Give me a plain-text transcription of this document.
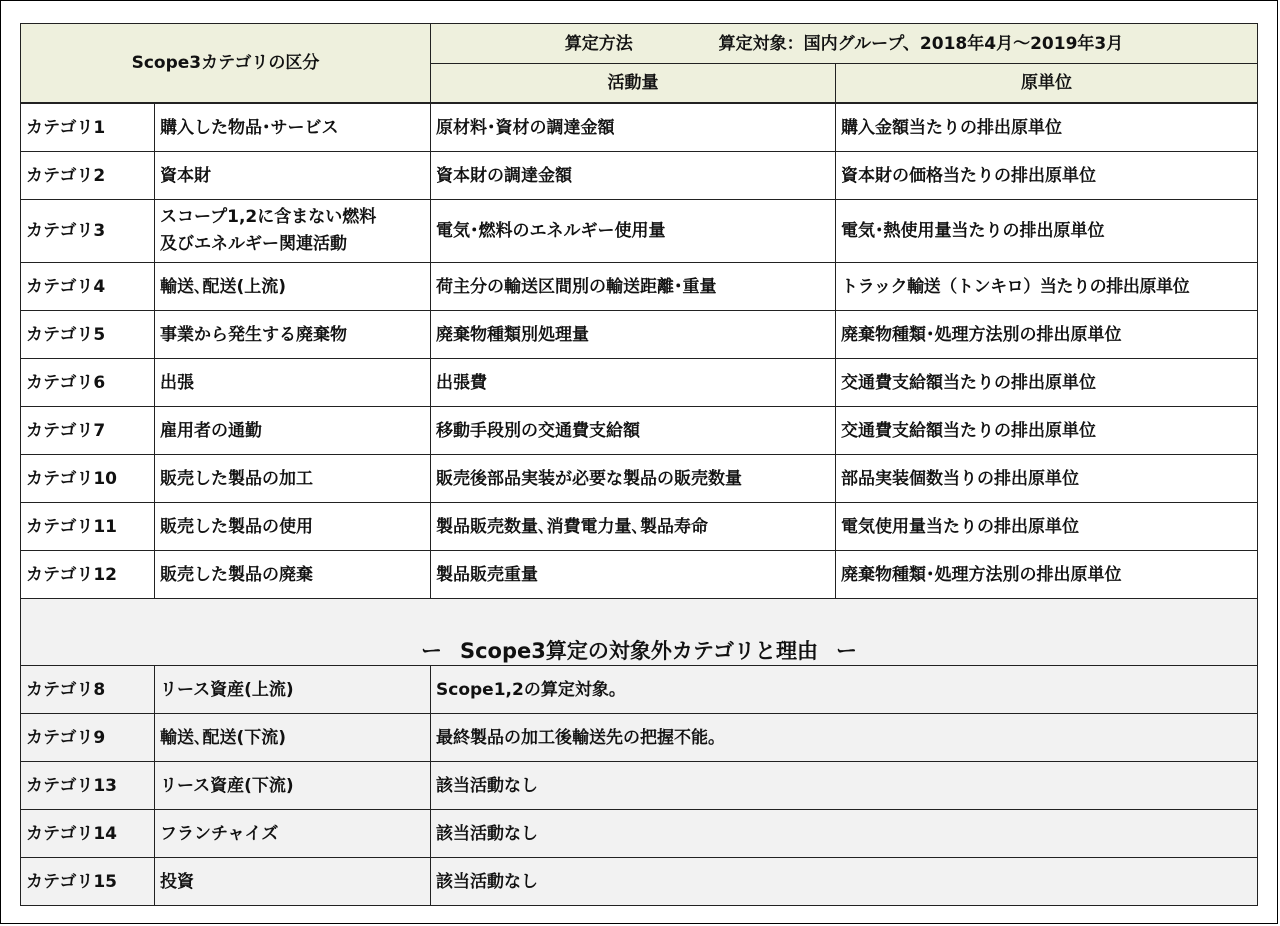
Scope3カテゴリの区分		算定方法 算定対象：国内グループ、2018年4月～2019年3月	
		活動量	原単位
カテゴリ1	購入した物品･サービス	原材料･資材の調達金額	購入金額当たりの排出原単位
カテゴリ2	資本財	資本財の調達金額	資本財の価格当たりの排出原単位
カテゴリ3	スコープ1,2に含まない燃料
及びエネルギー関連活動	電気･燃料のエネルギー使用量	電気･熱使用量当たりの排出原単位
カテゴリ4	輸送､配送(上流)	荷主分の輸送区間別の輸送距離･重量	トラック輸送（トンキロ）当たりの排出原単位
カテゴリ5	事業から発生する廃棄物	廃棄物種類別処理量	廃棄物種類･処理方法別の排出原単位
カテゴリ6	出張	出張費	交通費支給額当たりの排出原単位
カテゴリ7	雇用者の通勤	移動手段別の交通費支給額	交通費支給額当たりの排出原単位
カテゴリ10	販売した製品の加工	販売後部品実装が必要な製品の販売数量	部品実装個数当りの排出原単位
カテゴリ11	販売した製品の使用	製品販売数量､消費電力量､製品寿命	電気使用量当たりの排出原単位
カテゴリ12	販売した製品の廃棄	製品販売重量	廃棄物種類･処理方法別の排出原単位
ー Scope3算定の対象外カテゴリと理由 ー			
カテゴリ8	リース資産(上流)	Scope1,2の算定対象。	
カテゴリ9	輸送､配送(下流)	最終製品の加工後輸送先の把握不能。	
カテゴリ13	リース資産(下流)	該当活動なし	
カテゴリ14	フランチャイズ	該当活動なし	
カテゴリ15	投資	該当活動なし	
